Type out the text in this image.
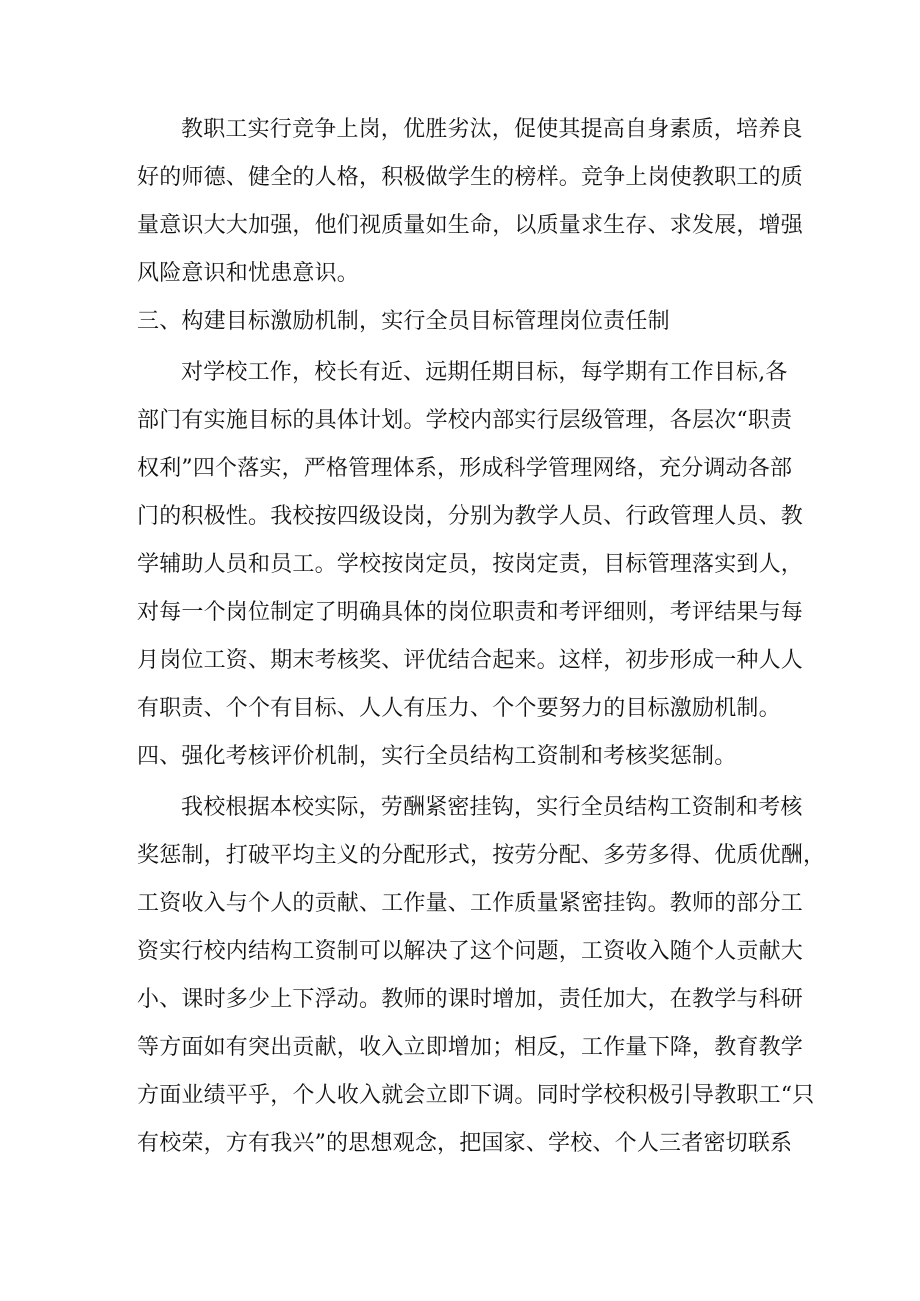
教职工实行竞争上岗，优胜劣汰，促使其提高自身素质，培养良
好的师德、健全的人格，积极做学生的榜样。竞争上岗使教职工的质
量意识大大加强，他们视质量如生命，以质量求生存、求发展，增强
风险意识和忧患意识。
三、构建目标激励机制，实行全员目标管理岗位责任制
对学校工作，校长有近、远期任期目标，每学期有工作目标,各
部门有实施目标的具体计划。学校内部实行层级管理，各层次“职责
权利”四个落实，严格管理体系，形成科学管理网络，充分调动各部
门的积极性。我校按四级设岗，分别为教学人员、行政管理人员、教
学辅助人员和员工。学校按岗定员，按岗定责，目标管理落实到人，
对每一个岗位制定了明确具体的岗位职责和考评细则，考评结果与每
月岗位工资、期末考核奖、评优结合起来。这样，初步形成一种人人
有职责、个个有目标、人人有压力、个个要努力的目标激励机制。
四、强化考核评价机制，实行全员结构工资制和考核奖惩制。
我校根据本校实际，劳酬紧密挂钩，实行全员结构工资制和考核
奖惩制，打破平均主义的分配形式，按劳分配、多劳多得、优质优酬，
工资收入与个人的贡献、工作量、工作质量紧密挂钩。教师的部分工
资实行校内结构工资制可以解决了这个问题，工资收入随个人贡献大
小、课时多少上下浮动。教师的课时增加，责任加大，在教学与科研
等方面如有突出贡献，收入立即增加；相反，工作量下降，教育教学
方面业绩平乎，个人收入就会立即下调。同时学校积极引导教职工“只
有校荣，方有我兴”的思想观念，把国家、学校、个人三者密切联系
